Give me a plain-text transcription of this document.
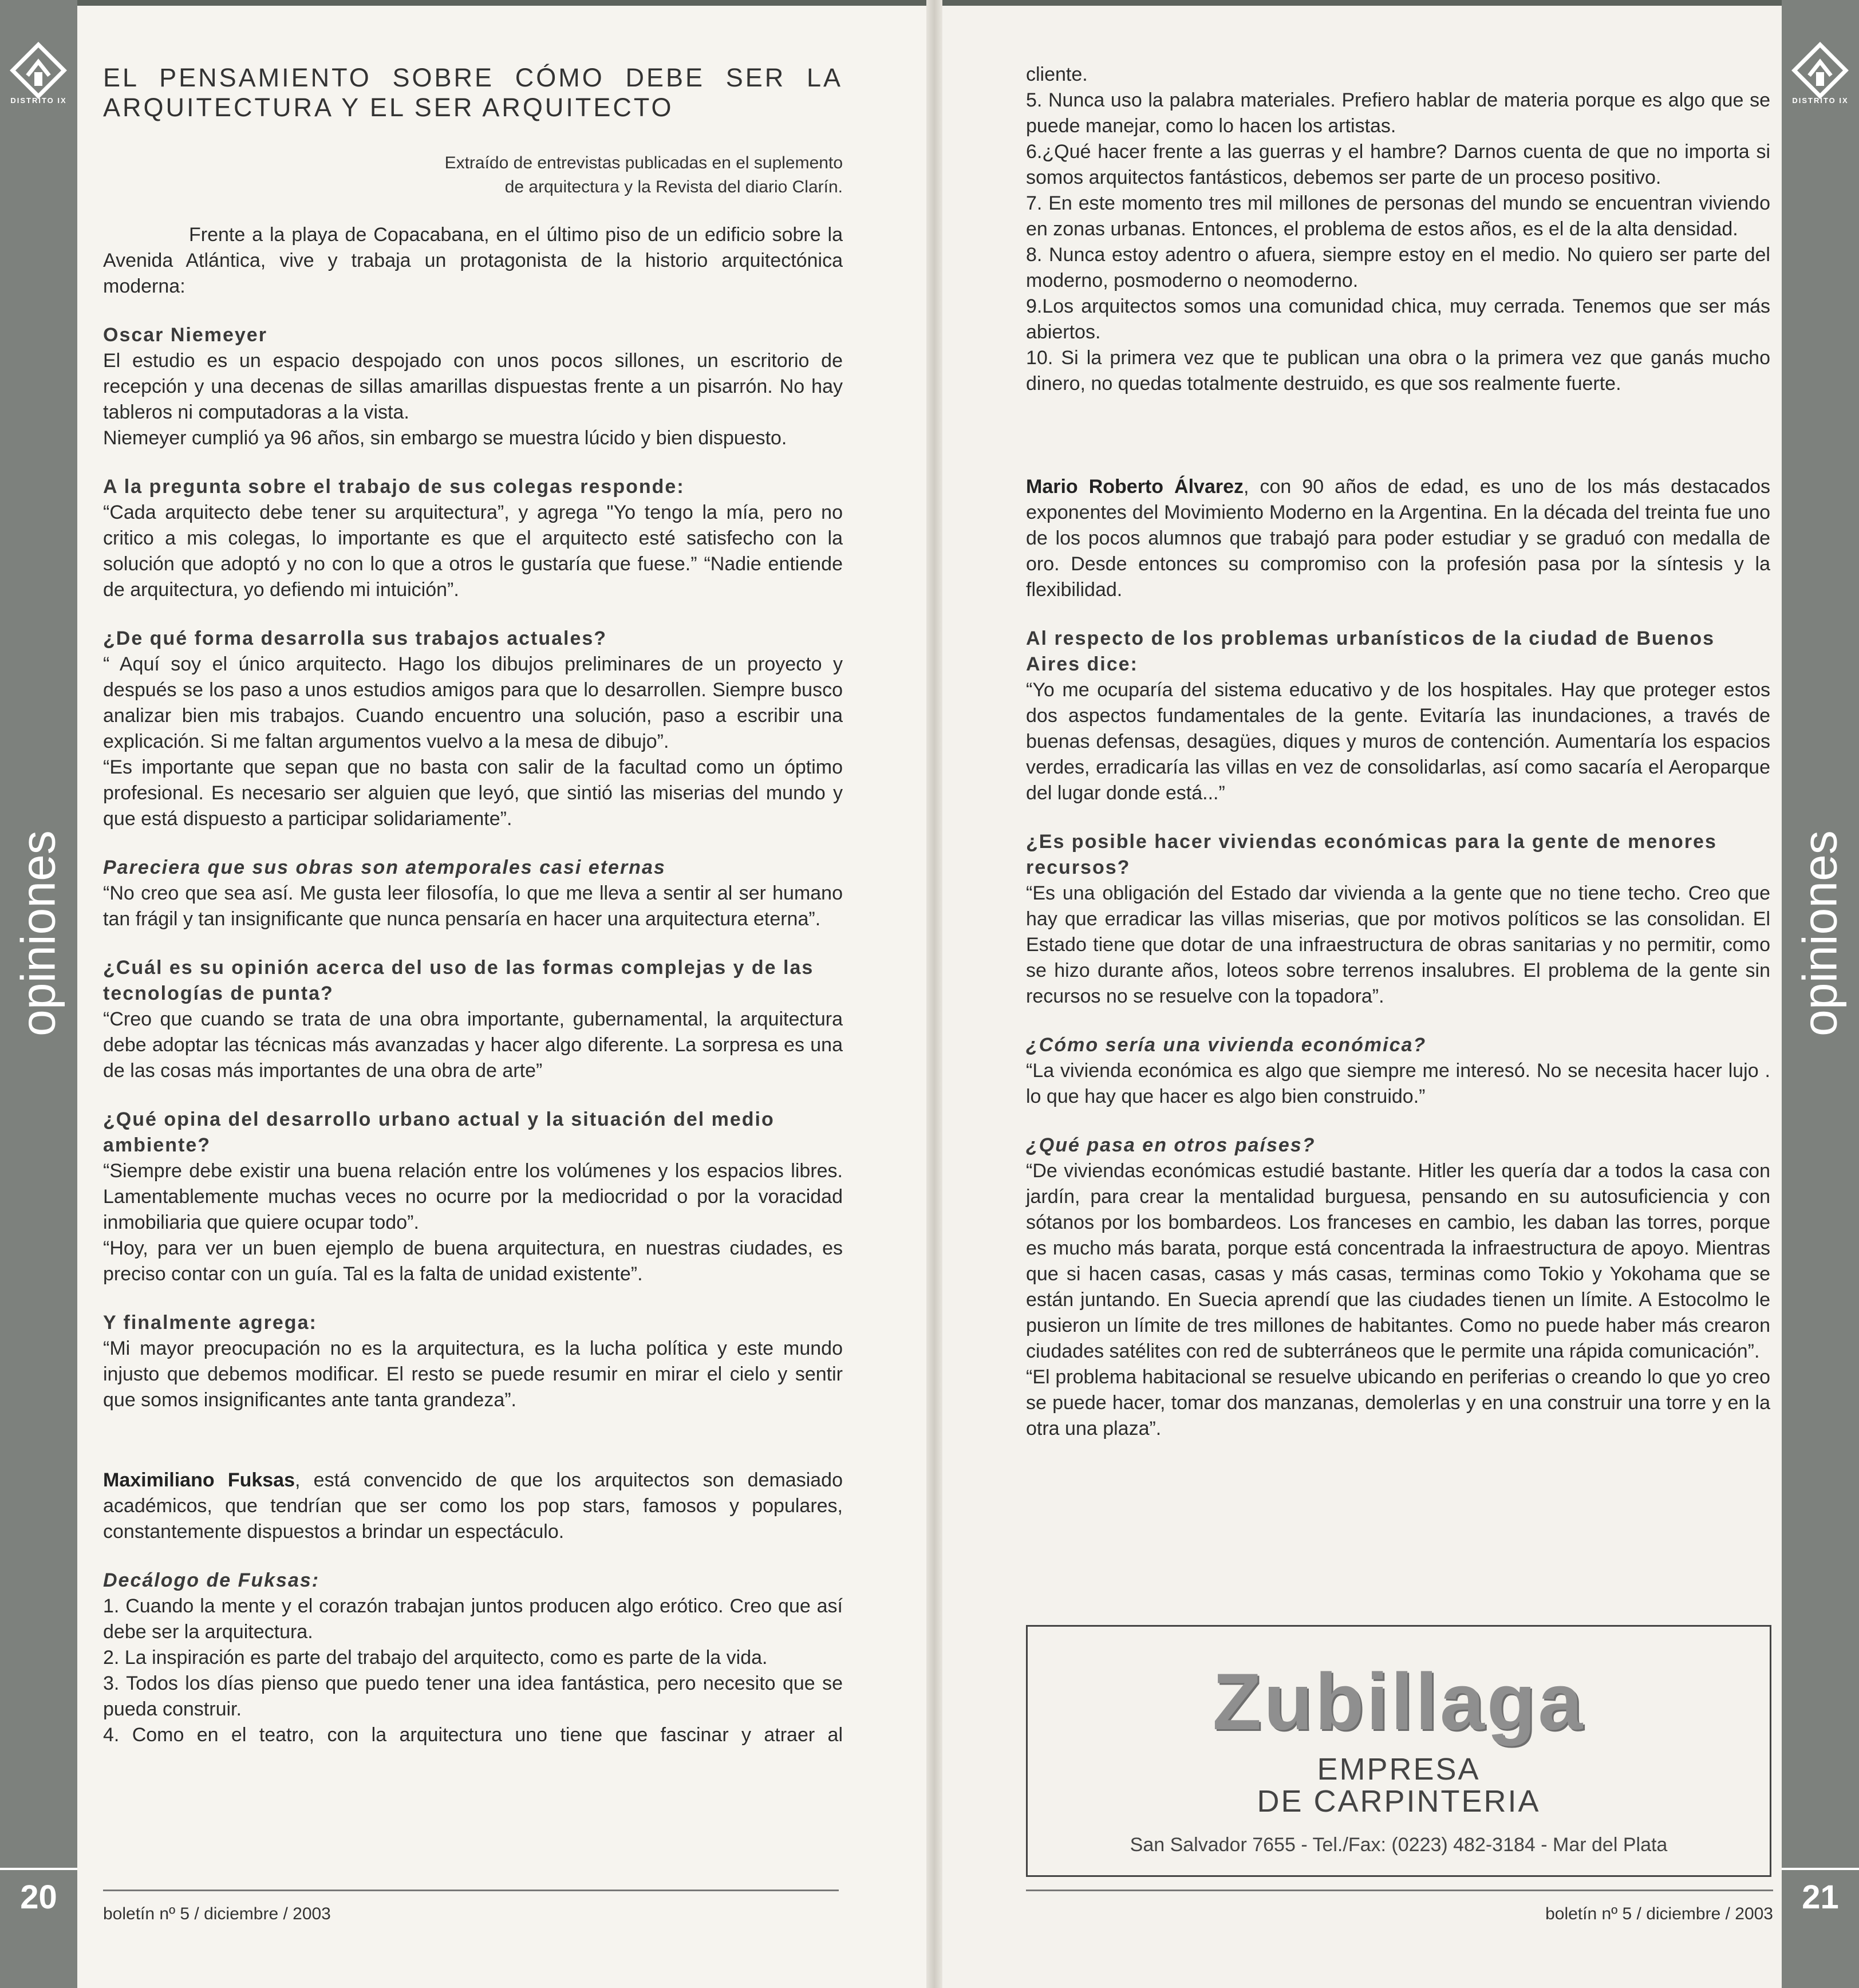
DISTRITO IX
opiniones
20	boletín nº 5 / diciembre / 2003

EL PENSAMIENTO SOBRE CÓMO DEBE SER LA ARQUITECTURA Y EL SER ARQUITECTO

Extraído de entrevistas publicadas en el suplemento
de arquitectura y la Revista del diario Clarín.

Frente a la playa de Copacabana, en el último piso de un edificio sobre la Avenida Atlántica, vive y trabaja un protagonista de la historio arquitectónica moderna:

Oscar Niemeyer

El estudio es un espacio despojado con unos pocos sillones, un escritorio de recepción y una decenas de sillas amarillas dispuestas frente a un pisarrón. No hay tableros ni computadoras a la vista.

Niemeyer cumplió ya 96 años, sin embargo se muestra lúcido y bien dispuesto.

A la pregunta sobre el trabajo de sus colegas responde:

“Cada arquitecto debe tener su arquitectura”, y agrega "Yo tengo la mía, pero no critico a mis colegas, lo importante es que el arquitecto esté satisfecho con la solución que adoptó y no con lo que a otros le gustaría que fuese.” “Nadie entiende de arquitectura, yo defiendo mi intuición”.

¿De qué forma desarrolla sus trabajos actuales?

“ Aquí soy el único arquitecto. Hago los dibujos preliminares de un proyecto y después se los paso a unos estudios amigos para que lo desarrollen. Siempre busco analizar bien mis trabajos. Cuando encuentro una solución, paso a escribir una explicación. Si me faltan argumentos vuelvo a la mesa de dibujo”.

“Es importante que sepan que no basta con salir de la facultad como un óptimo profesional. Es necesario ser alguien que leyó, que sintió las miserias del mundo y que está dispuesto a participar solidariamente”.

Pareciera que sus obras son atemporales casi eternas

“No creo que sea así. Me gusta leer filosofía, lo que me lleva a sentir al ser humano tan frágil y tan insignificante que nunca pensaría en hacer una arquitectura eterna”.

¿Cuál es su opinión acerca del uso de las formas complejas y de las tecnologías de punta?

“Creo que cuando se trata de una obra importante, gubernamental, la arquitectura debe adoptar las técnicas más avanzadas y hacer algo diferente. La sorpresa es una de las cosas más importantes de una obra de arte”

¿Qué opina del desarrollo urbano actual y la situación del medio ambiente?

“Siempre debe existir una buena relación entre los volúmenes y los espacios libres. Lamentablemente muchas veces no ocurre por la mediocridad o por la voracidad inmobiliaria que quiere ocupar todo”.

“Hoy, para ver un buen ejemplo de buena arquitectura, en nuestras ciudades, es preciso contar con un guía. Tal es la falta de unidad existente”.

Y finalmente agrega:

“Mi mayor preocupación no es la arquitectura, es la lucha política y este mundo injusto que debemos modificar. El resto se puede resumir en mirar el cielo y sentir que somos insignificantes ante tanta grandeza”.

Maximiliano Fuksas, está convencido de que los arquitectos son demasiado académicos, que tendrían que ser como los pop stars, famosos y populares, constantemente dispuestos a brindar un espectáculo.

Decálogo de Fuksas:

1. Cuando la mente y el corazón trabajan juntos producen algo erótico. Creo que así debe ser la arquitectura.

2. La inspiración es parte del trabajo del arquitecto, como es parte de la vida.

3. Todos los días pienso que puedo tener una idea fantástica, pero necesito que se pueda construir.

4. Como en el teatro, con la arquitectura uno tiene que fascinar y atraer al

DISTRITO IX
opiniones
21
boletín nº 5 / diciembre / 2003

cliente.

5. Nunca uso la palabra materiales. Prefiero hablar de materia porque es algo que se puede manejar, como lo hacen los artistas.

6.¿Qué hacer frente a las guerras y el hambre? Darnos cuenta de que no importa si somos arquitectos fantásticos, debemos ser parte de un proceso positivo.

7. En este momento tres mil millones de personas del mundo se encuentran viviendo en zonas urbanas. Entonces, el problema de estos años, es el de la alta densidad.

8. Nunca estoy adentro o afuera, siempre estoy en el medio. No quiero ser parte del moderno, posmoderno o neomoderno.

9.Los arquitectos somos una comunidad chica, muy cerrada. Tenemos que ser más abiertos.

10. Si la primera vez que te publican una obra o la primera vez que ganás mucho dinero, no quedas totalmente destruido, es que sos realmente fuerte.

Mario Roberto Álvarez, con 90 años de edad, es uno de los más destacados exponentes del Movimiento Moderno en la Argentina. En la década del treinta fue uno de los pocos alumnos que trabajó para poder estudiar y se graduó con medalla de oro. Desde entonces su compromiso con la profesión pasa por la síntesis y la flexibilidad.

Al respecto de los problemas urbanísticos de la ciudad de Buenos Aires dice:

“Yo me ocuparía del sistema educativo y de los hospitales. Hay que proteger estos dos aspectos fundamentales de la gente. Evitaría las inundaciones, a través de buenas defensas, desagües, diques y muros de contención. Aumentaría los espacios verdes, erradicaría las villas en vez de consolidarlas, así como sacaría el Aeroparque del lugar donde está...”

¿Es posible hacer viviendas económicas para la gente de menores recursos?

“Es una obligación del Estado dar vivienda a la gente que no tiene techo. Creo que hay que erradicar las villas miserias, que por motivos políticos se las consolidan. El Estado tiene que dotar de una infraestructura de obras sanitarias y no permitir, como se hizo durante años, loteos sobre terrenos insalubres. El problema de la gente sin recursos no se resuelve con la topadora”.

¿Cómo sería una vivienda económica?

“La vivienda económica es algo que siempre me interesó. No se necesita hacer lujo . lo que hay que hacer es algo bien construido.”

¿Qué pasa en otros países?

“De viviendas económicas estudié bastante. Hitler les quería dar a todos la casa con jardín, para crear la mentalidad burguesa, pensando en su autosuficiencia y con sótanos por los bombardeos. Los franceses en cambio, les daban las torres, porque es mucho más barata, porque está concentrada la infraestructura de apoyo. Mientras que si hacen casas, casas y más casas, terminas como Tokio y Yokohama que se están juntando. En Suecia aprendí que las ciudades tienen un límite. A Estocolmo le pusieron un límite de tres millones de habitantes. Como no puede haber más crearon ciudades satélites con red de subterráneos que le permite una rápida comunicación”.

“El problema habitacional se resuelve ubicando en periferias o creando lo que yo creo se puede hacer, tomar dos manzanas, demolerlas y en una construir una torre y en la otra una plaza”.

Zubillaga
EMPRESA
DE CARPINTERIA
San Salvador 7655 - Tel./Fax: (0223) 482-3184 - Mar del Plata
